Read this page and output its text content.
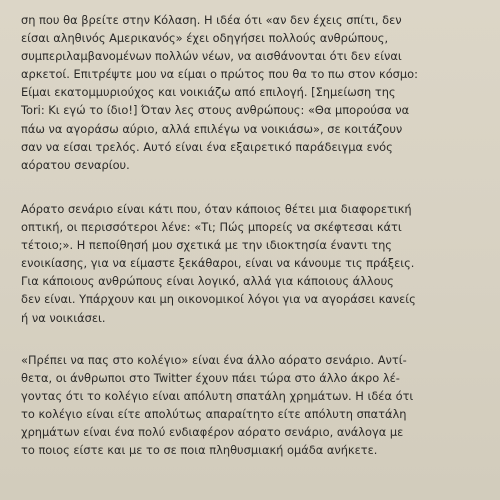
ση που θα βρείτε στην Κόλαση. Η ιδέα ότι «αν δεν έχεις σπίτι, δεν
είσαι αληθινός Αμερικανός» έχει οδηγήσει πολλούς ανθρώπους,
συμπεριλαμβανομένων πολλών νέων, να αισθάνονται ότι δεν είναι
αρκετοί. Επιτρέψτε μου να είμαι ο πρώτος που θα το πω στον κόσμο:
Είμαι εκατομμυριούχος και νοικιάζω από επιλογή. [Σημείωση της
Tori: Κι εγώ το ίδιο!] Όταν λες στους ανθρώπους: «Θα μπορούσα να
πάω να αγοράσω αύριο, αλλά επιλέγω να νοικιάσω», σε κοιτάζουν
σαν να είσαι τρελός. Αυτό είναι ένα εξαιρετικό παράδειγμα ενός
αόρατου σεναρίου.

Αόρατο σενάριο είναι κάτι που, όταν κάποιος θέτει μια διαφορετική
οπτική, οι περισσότεροι λένε: «Τι; Πώς μπορείς να σκέφτεσαι κάτι
τέτοιο;». Η πεποίθησή μου σχετικά με την ιδιοκτησία έναντι της
ενοικίασης, για να είμαστε ξεκάθαροι, είναι να κάνουμε τις πράξεις.
Για κάποιους ανθρώπους είναι λογικό, αλλά για κάποιους άλλους
δεν είναι. Υπάρχουν και μη οικονομικοί λόγοι για να αγοράσει κανείς
ή να νοικιάσει.

«Πρέπει να πας στο κολέγιο» είναι ένα άλλο αόρατο σενάριο. Αντί-
θετα, οι άνθρωποι στο Twitter έχουν πάει τώρα στο άλλο άκρο λέ-
γοντας ότι το κολέγιο είναι απόλυτη σπατάλη χρημάτων. Η ιδέα ότι
το κολέγιο είναι είτε απολύτως απαραίτητο είτε απόλυτη σπατάλη
χρημάτων είναι ένα πολύ ενδιαφέρον αόρατο σενάριο, ανάλογα με
το ποιος είστε και με το σε ποια πληθυσμιακή ομάδα ανήκετε.
